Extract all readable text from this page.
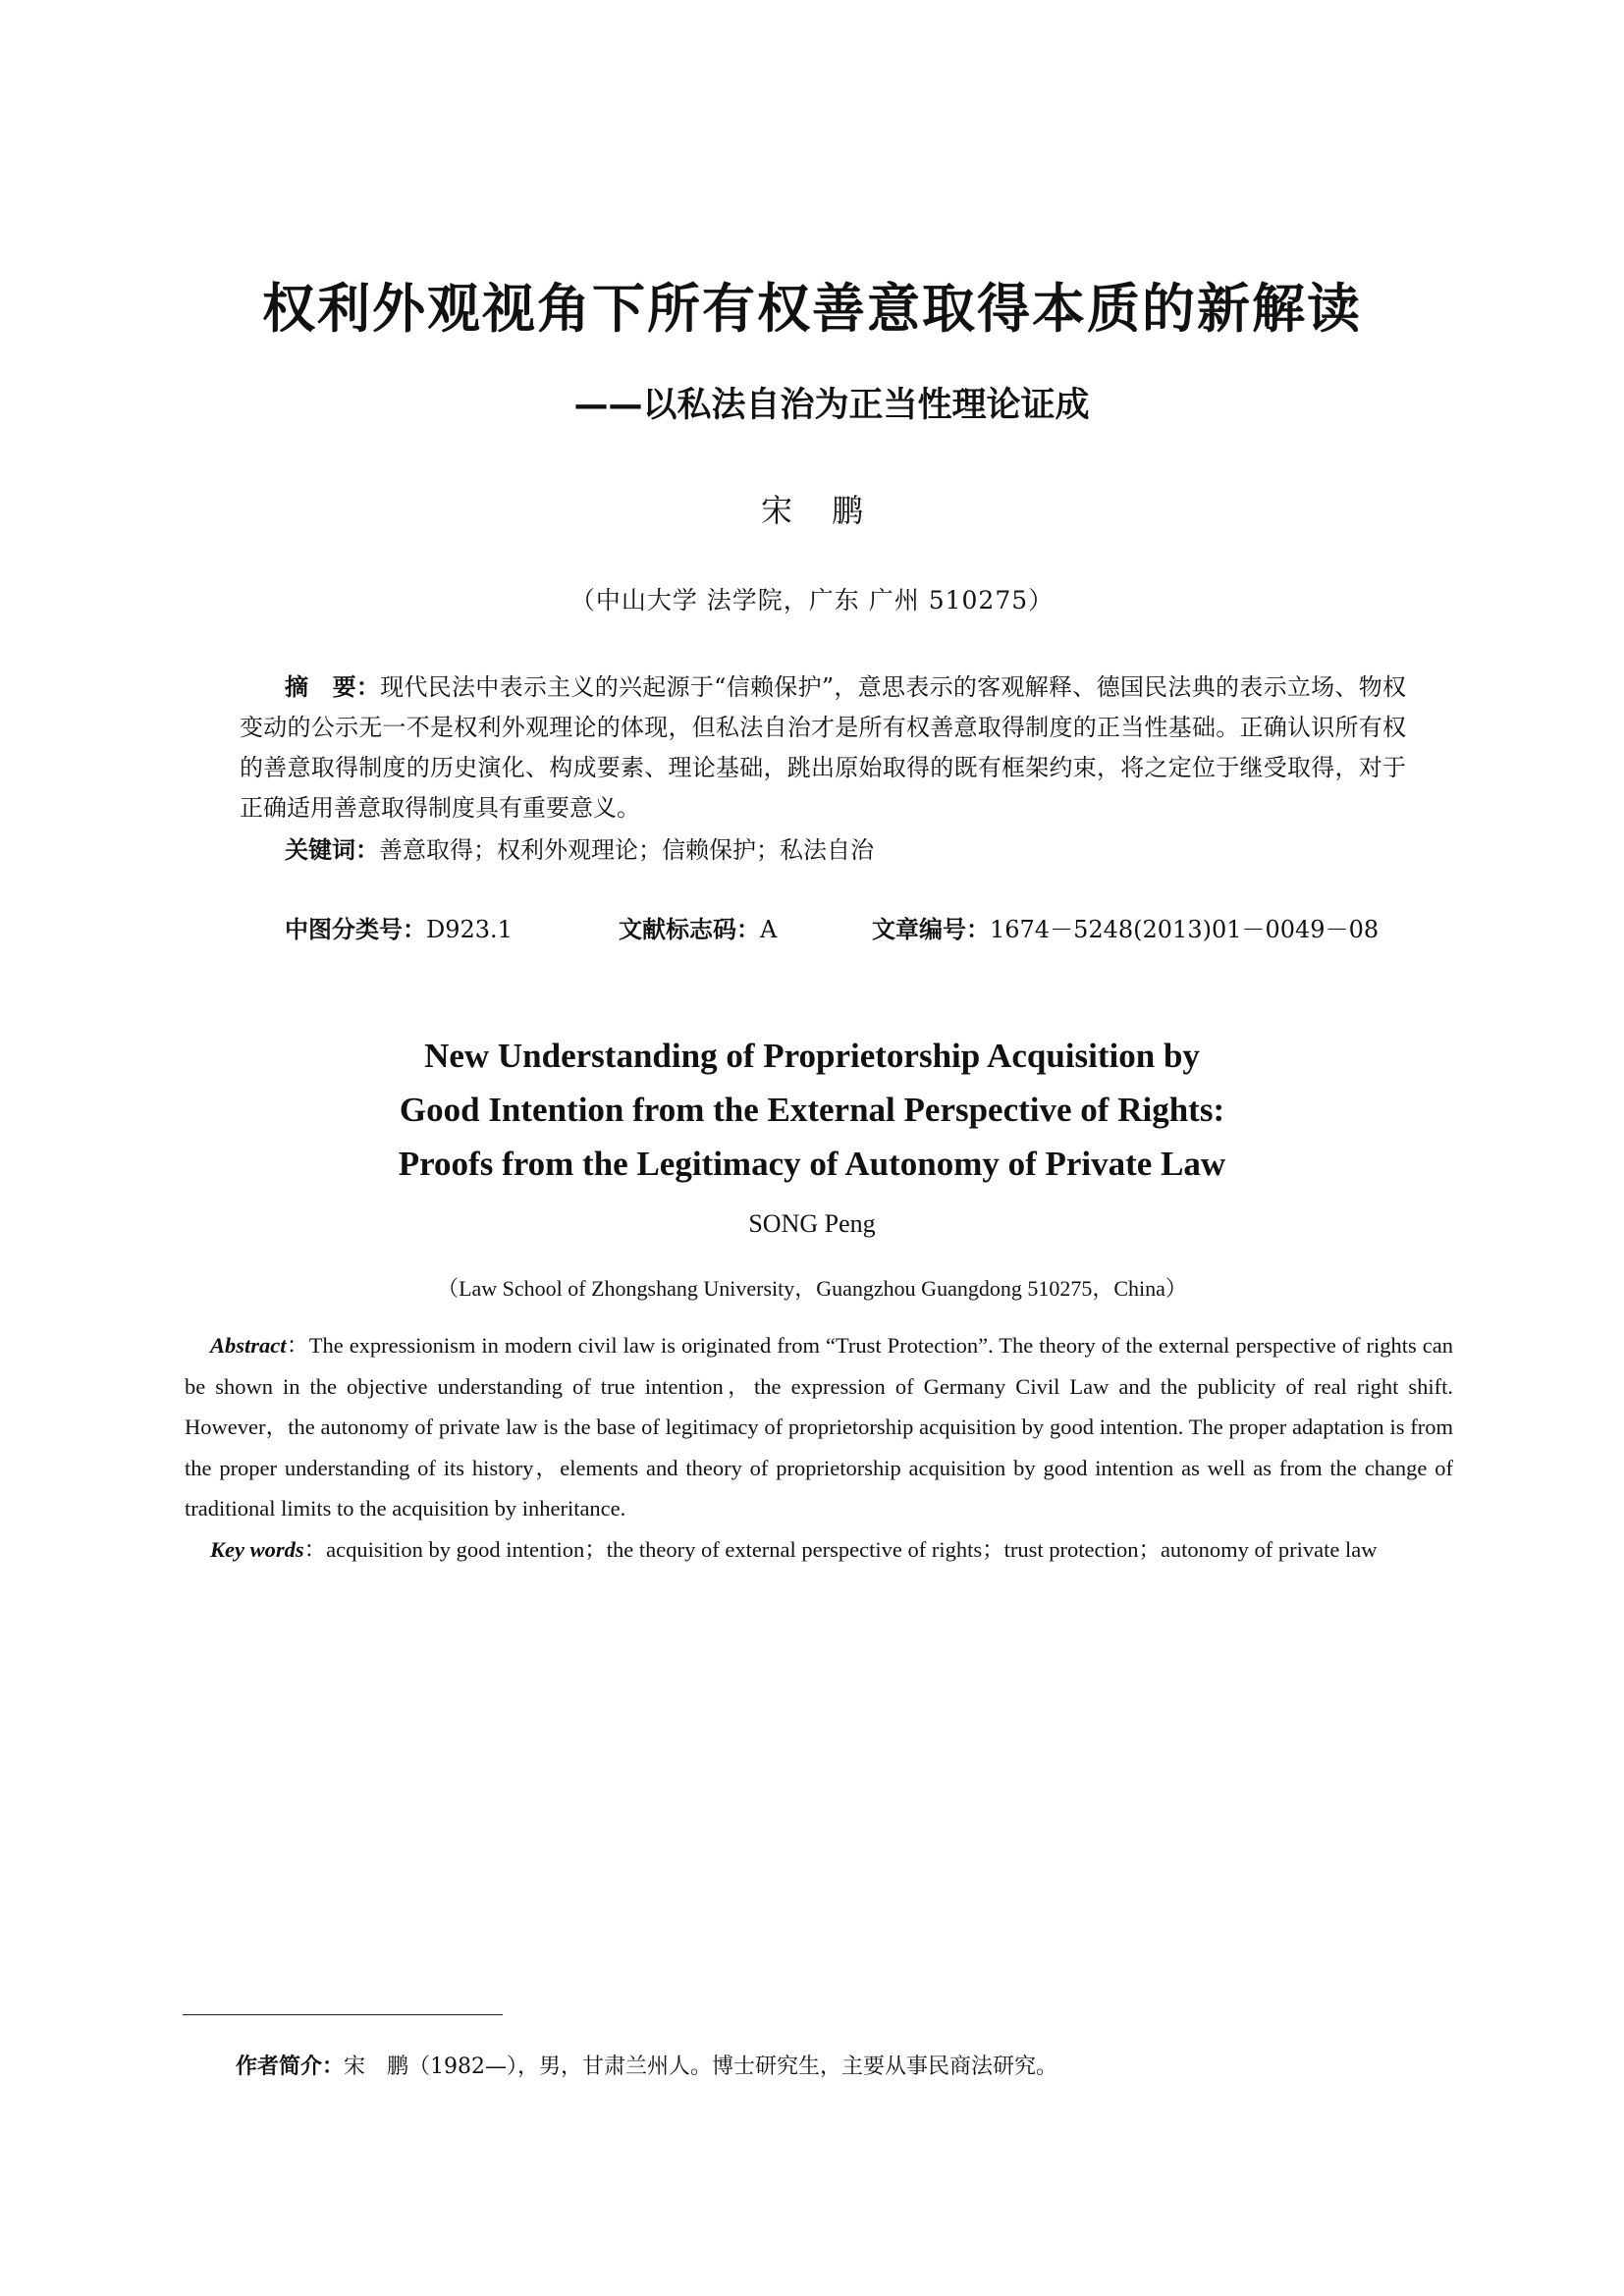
权利外观视角下所有权善意取得本质的新解读
——以私法自治为正当性理论证成
宋鹏
（中山大学 法学院，广东 广州 510275）
摘　要：现代民法中表示主义的兴起源于“信赖保护”，意思表示的客观解释、德国民法典的表示立场、物权变动的公示无一不是权利外观理论的体现，但私法自治才是所有权善意取得制度的正当性基础。正确认识所有权的善意取得制度的历史演化、构成要素、理论基础，跳出原始取得的既有框架约束，将之定位于继受取得，对于正确适用善意取得制度具有重要意义。
关键词：善意取得；权利外观理论；信赖保护；私法自治
中图分类号：D923.1	文献标志码：A	文章编号：1674－5248(2013)01－0049－08
New Understanding of Proprietorship Acquisition by
Good Intention from the External Perspective of Rights:
Proofs from the Legitimacy of Autonomy of Private Law
SONG Peng
（Law School of Zhongshang University，Guangzhou Guangdong 510275，China）
Abstract：The expressionism in modern civil law is originated from “Trust Protection”. The theory of the external perspective of rights can be shown in the objective understanding of true intention，the expression of Germany Civil Law and the publicity of real right shift. However，the autonomy of private law is the base of legitimacy of proprietorship acquisition by good intention. The proper adaptation is from the proper understanding of its history，elements and theory of proprietorship acquisition by good intention as well as from the change of traditional limits to the acquisition by inheritance.
Key words：acquisition by good intention；the theory of external perspective of rights；trust protection；autonomy of private law
作者简介：宋　鹏（1982—），男，甘肃兰州人。博士研究生，主要从事民商法研究。
